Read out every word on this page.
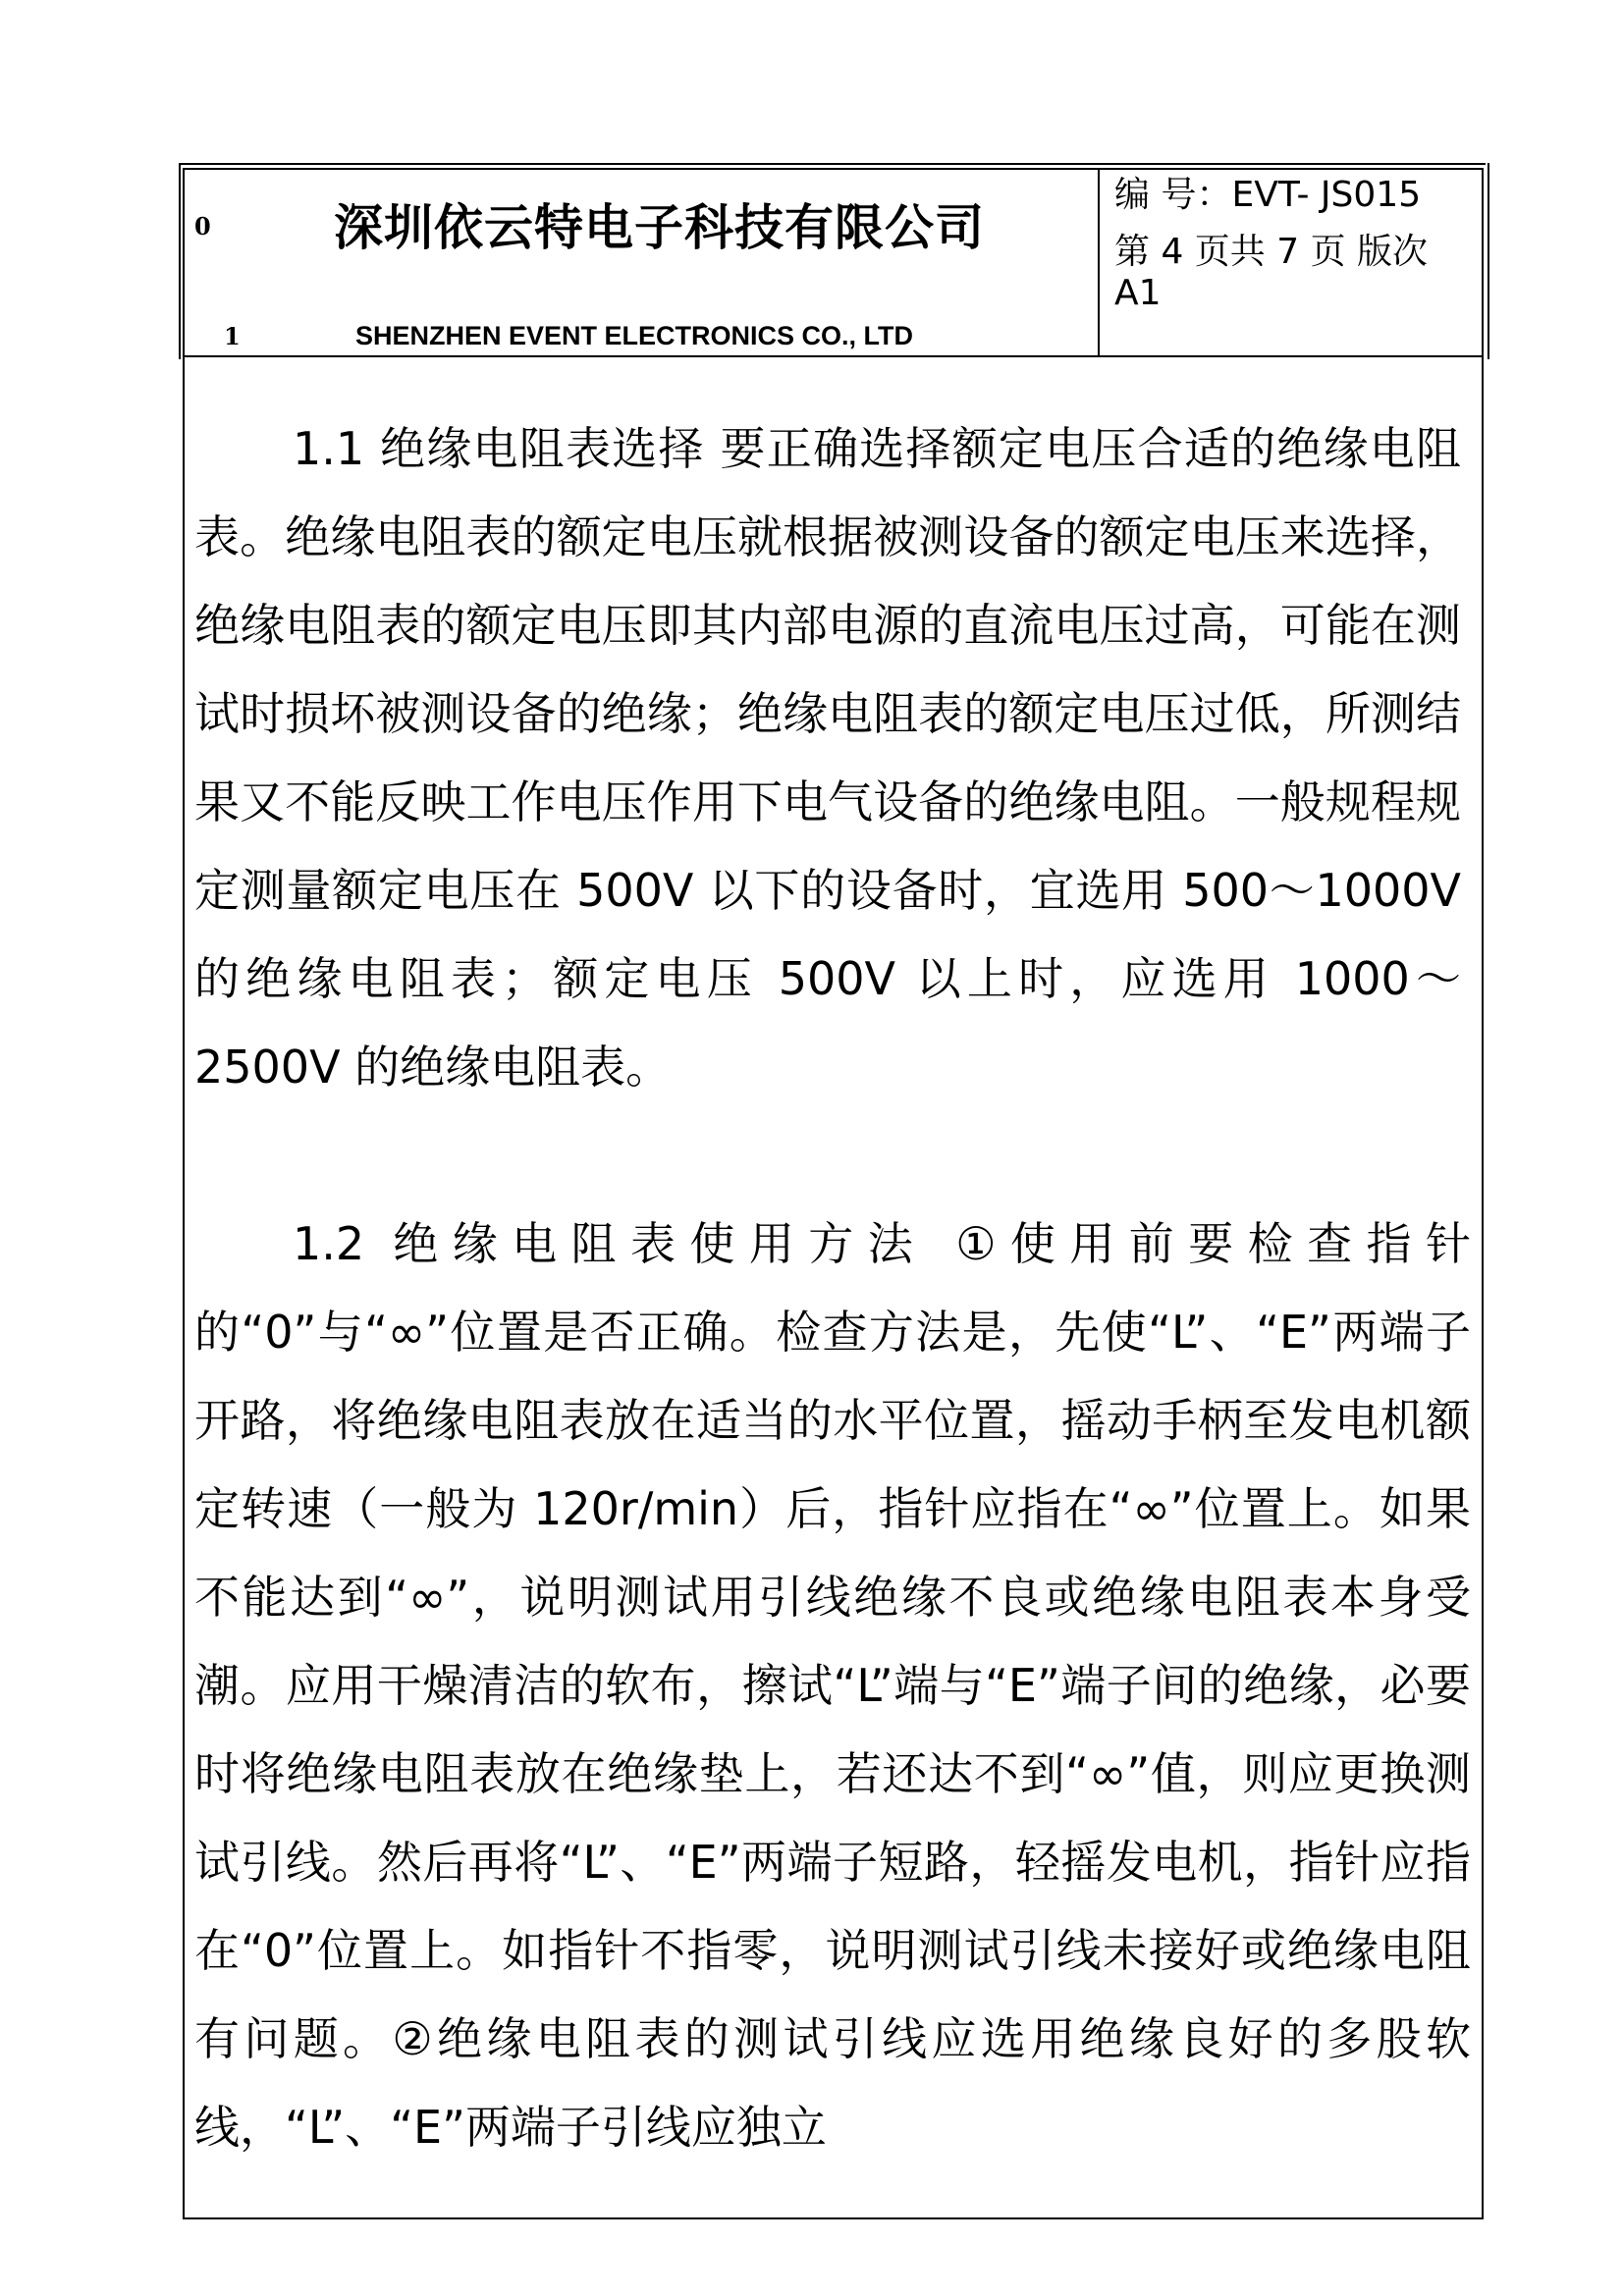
0
1
深圳依云特电子科技有限公司
SHENZHEN EVENT ELECTRONICS CO., LTD
编 号：EVT- JS015
第 4 页共 7 页 版次
A1

1.1 绝缘电阻表选择 要正确选择额定电压合适的绝缘电阻表。绝缘电阻表的额定电压就根据被测设备的额定电压来选择，绝缘电阻表的额定电压即其内部电源的直流电压过高，可能在测试时损坏被测设备的绝缘；绝缘电阻表的额定电压过低，所测结果又不能反映工作电压作用下电气设备的绝缘电阻。一般规程规定测量额定电压在 500V 以下的设备时，宜选用 500～1000V 的绝缘电阻表；额定电压 500V 以上时，应选用 1000～2500V 的绝缘电阻表。

1.2 绝缘电阻表使用方法 ①使用前要检查指针的“0”与“∞”位置是否正确。检查方法是，先使“L”、“E”两端子开路，将绝缘电阻表放在适当的水平位置，摇动手柄至发电机额定转速（一般为 120r/min）后，指针应指在“∞”位置上。如果不能达到“∞”，说明测试用引线绝缘不良或绝缘电阻表本身受潮。应用干燥清洁的软布，擦试“L”端与“E”端子间的绝缘，必要时将绝缘电阻表放在绝缘垫上，若还达不到“∞”值，则应更换测试引线。然后再将“L”、“E”两端子短路，轻摇发电机，指针应指在“0”位置上。如指针不指零，说明测试引线未接好或绝缘电阻有问题。②绝缘电阻表的测试引线应选用绝缘良好的多股软线，“L”、“E”两端子引线应独立
